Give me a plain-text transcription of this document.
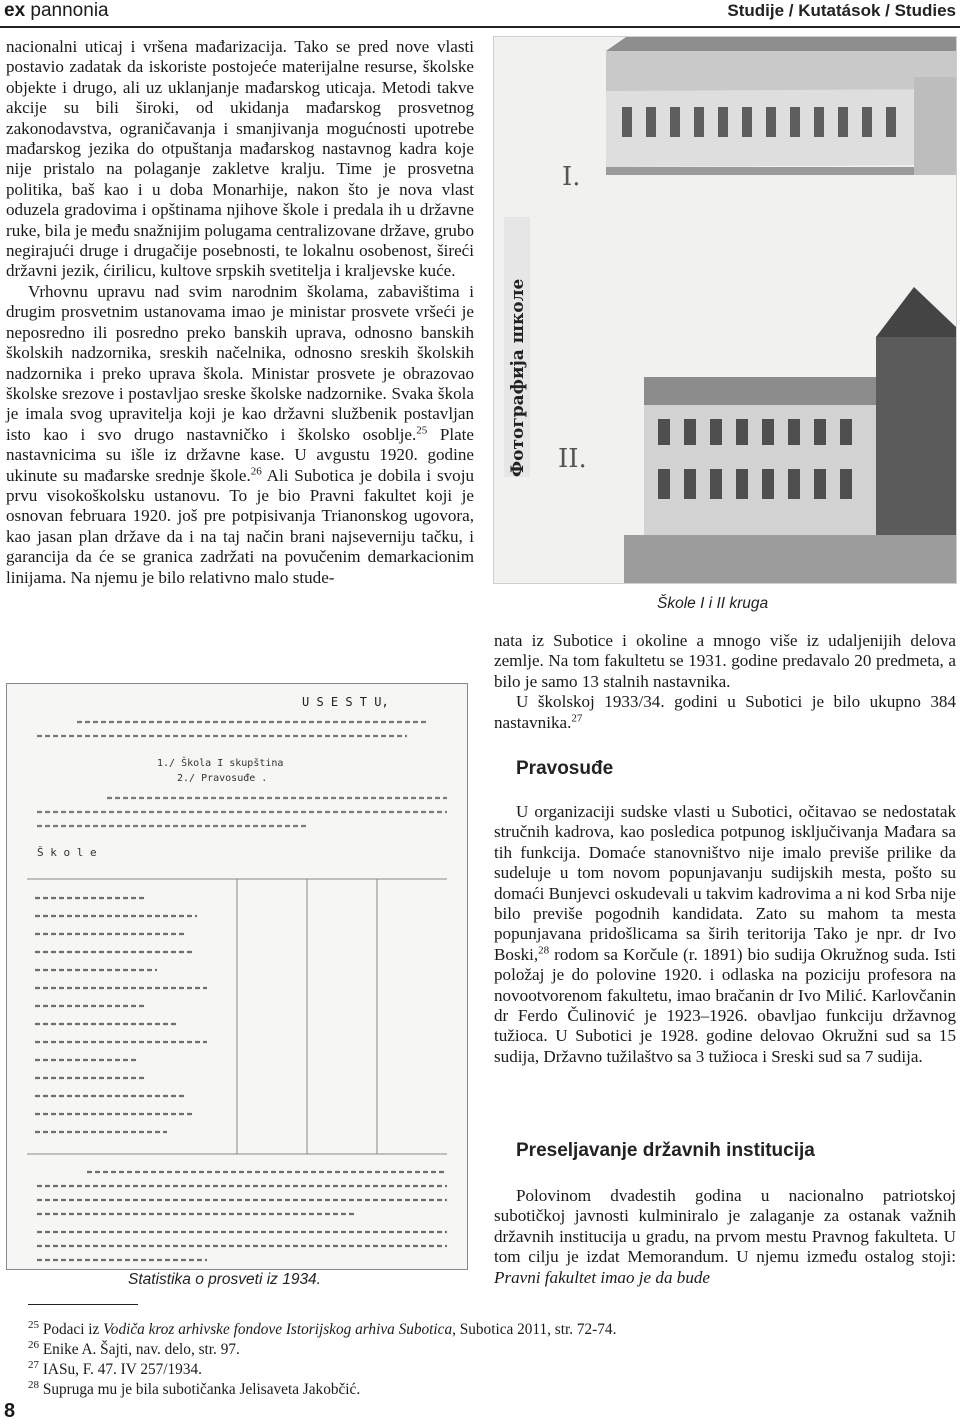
ex pannonia	Studije / Kutatások / Studies

nacionalni uticaj i vršena mađarizacija. Tako se pred nove vlasti postavio zadatak da iskoriste postojeće materijalne resurse, školske objekte i drugo, ali uz uklanjanje mađarskog uticaja. Metodi takve akcije su bili široki, od ukidanja mađarskog prosvetnog zakonodavstva, ograničavanja i smanjivanja mogućnosti upotrebe mađarskog jezika do otpuštanja mađarskog nastavnog kadra koje nije pristalo na polaganje zakletve kralju. Time je prosvetna politika, baš kao i u doba Monarhije, nakon što je nova vlast oduzela gradovima i opštinama njihove škole i predala ih u državne ruke, bila je među snažnijim polugama centralizovane države, grubo negirajući druge i drugačije posebnosti, te lokalnu osobenost, šireći državni jezik, ćirilicu, kultove srpskih svetitelja i kraljevske kuće.

Vrhovnu upravu nad svim narodnim školama, zabavištima i drugim prosvetnim ustanovama imao je ministar prosvete vršeći je neposredno ili posredno preko banskih uprava, odnosno banskih školskih nadzornika, sreskih načelnika, odnosno sreskih školskih nadzornika i preko uprava škola. Ministar prosvete je obrazovao školske srezove i postavljao sreske školske nadzornike. Svaka škola je imala svog upravitelja koji je kao državni službenik postavljan isto kao i svo drugo nastavničko i školsko osoblje.$^{25}$ Plate nastavnicima su išle iz državne kase. U avgustu 1920. godine ukinute su mađarske srednje škole.$^{26}$ Ali Subotica je dobila i svoju prvu visokoškolsku ustanovu. To je bio Pravni fakultet koji je osnovan februara 1920. još pre potpisivanja Trianonskog ugovora, kao jasan plan države da i na taj način brani najseverniju tačku, i garancija da će se granica zadržati na povučenim demarkacionim linijama. Na njemu je bilo relativno malo stude-

Фотографија школе
I.
II.
Škole I i II kruga

nata iz Subotice i okoline a mnogo više iz udaljenijih delova zemlje. Na tom fakultetu se 1931. godine predavalo 20 predmeta, a bilo je samo 13 stalnih nastavnika.

U školskoj 1933/34. godini u Subotici je bilo ukupno 384 nastavnika.$^{27}$

Pravosuđe

U organizaciji sudske vlasti u Subotici, očitavao se nedostatak stručnih kadrova, kao posledica potpunog isključivanja Mađara sa tih funkcija. Domaće stanovništvo nije imalo previše prilike da sudeluje u tom novom popunjavanju sudijskih mesta, pošto su domaći Bunjevci oskudevali u takvim kadrovima a ni kod Srba nije bilo previše pogodnih kandidata. Zato su mahom ta mesta popunjavana pridošlicama sa širih teritorija Tako je npr. dr Ivo Boski,$^{28}$ rodom sa Korčule (r. 1891) bio sudija Okružnog suda. Isti položaj je do polovine 1920. i odlaska na poziciju profesora na novootvorenom fakultetu, imao bračanin dr Ivo Milić. Karlovčanin dr Ferdo Čulinović je 1923–1926. obavljao funkciju državnog tužioca. U Subotici je 1928. godine delovao Okružni sud sa 15 sudija, Državno tužilaštvo sa 3 tužioca i Sreski sud sa 7 sudija.

Preseljavanje državnih institucija

Polovinom dvadestih godina u nacionalno patriotskoj subotičkoj javnosti kulminiralo je zalaganje za ostanak važnih državnih institucija u gradu, na prvom mestu Pravnog fakulteta. U tom cilju je izdat Memorandum. U njemu između ostalog stoji: Pravni fakultet imao je da bude

U S E S T U,
1./ Škola I skupština
2./ Pravosuđe .
Š k o l e
Statistika o prosveti iz 1934.
$^{25}$ Podaci iz Vodiča kroz arhivske fondove Istorijskog arhiva Subotica, Subotica 2011, str. 72-74.
$^{26}$ Enike A. Šajti, nav. delo, str. 97.
$^{27}$ IASu, F. 47. IV 257/1934.
$^{28}$ Supruga mu je bila subotičanka Jelisaveta Jakobčić.
8
